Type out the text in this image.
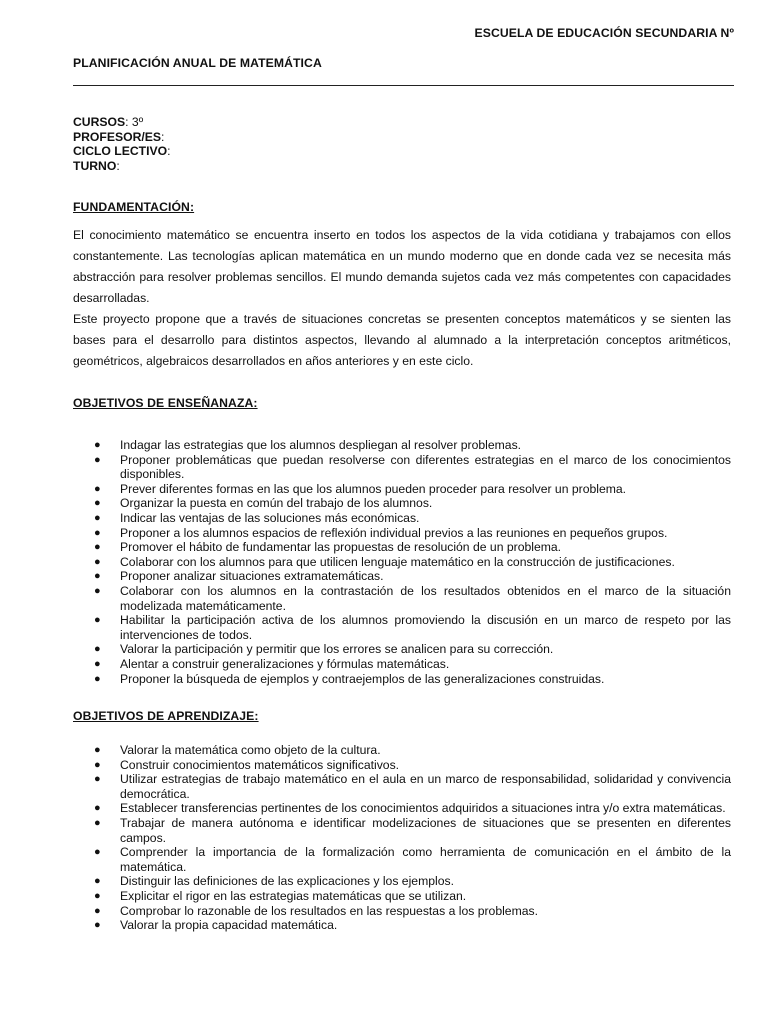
ESCUELA DE EDUCACIÓN SECUNDARIA Nº
PLANIFICACIÓN ANUAL DE MATEMÁTICA
CURSOS: 3º
PROFESOR/ES:
CICLO LECTIVO:
TURNO:
FUNDAMENTACIÓN:

El conocimiento matemático se encuentra inserto en todos los aspectos de la vida cotidiana y trabajamos con ellos constantemente. Las tecnologías aplican matemática en un mundo moderno que en donde cada vez se necesita más abstracción para resolver problemas sencillos. El mundo demanda sujetos cada vez más competentes con capacidades desarrolladas.

Este proyecto propone que a través de situaciones concretas se presenten conceptos matemáticos y se sienten las bases para el desarrollo para distintos aspectos, llevando al alumnado a la interpretación conceptos aritméticos, geométricos, algebraicos desarrollados en años anteriores y en este ciclo.

OBJETIVOS DE ENSEÑANAZA:
● Indagar las estrategias que los alumnos despliegan al resolver problemas.
● Proponer problemáticas que puedan resolverse con diferentes estrategias en el marco de los conocimientos disponibles.
● Prever diferentes formas en las que los alumnos pueden proceder para resolver un problema.
● Organizar la puesta en común del trabajo de los alumnos.
● Indicar las ventajas de las soluciones más económicas.
● Proponer a los alumnos espacios de reflexión individual previos a las reuniones en pequeños grupos.
● Promover el hábito de fundamentar las propuestas de resolución de un problema.
● Colaborar con los alumnos para que utilicen lenguaje matemático en la construcción de justificaciones.
● Proponer analizar situaciones extramatemáticas.
● Colaborar con los alumnos en la contrastación de los resultados obtenidos en el marco de la situación modelizada matemáticamente.
● Habilitar la participación activa de los alumnos promoviendo la discusión en un marco de respeto por las intervenciones de todos.
● Valorar la participación y permitir que los errores se analicen para su corrección.
● Alentar a construir generalizaciones y fórmulas matemáticas.
● Proponer la búsqueda de ejemplos y contraejemplos de las generalizaciones construidas.
OBJETIVOS DE APRENDIZAJE:
● Valorar la matemática como objeto de la cultura.
● Construir conocimientos matemáticos significativos.
● Utilizar estrategias de trabajo matemático en el aula en un marco de responsabilidad, solidaridad y convivencia democrática.
● Establecer transferencias pertinentes de los conocimientos adquiridos a situaciones intra y/o extra matemáticas.
● Trabajar de manera autónoma e identificar modelizaciones de situaciones que se presenten en diferentes campos.
● Comprender la importancia de la formalización como herramienta de comunicación en el ámbito de la matemática.
● Distinguir las definiciones de las explicaciones y los ejemplos.
● Explicitar el rigor en las estrategias matemáticas que se utilizan.
● Comprobar lo razonable de los resultados en las respuestas a los problemas.
● Valorar la propia capacidad matemática.
